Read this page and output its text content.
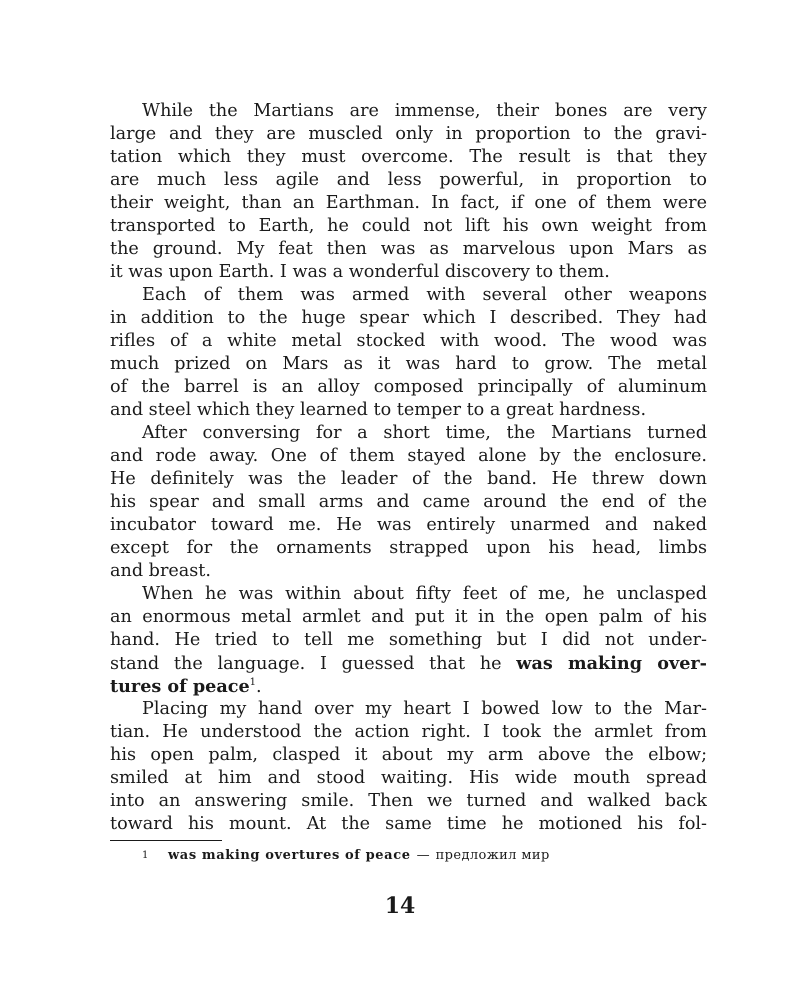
While the Martians are immense, their bones are very
large and they are muscled only in proportion to the gravi-
tation which they must overcome. The result is that they
are much less agile and less powerful, in proportion to
their weight, than an Earthman. In fact, if one of them were
transported to Earth, he could not lift his own weight from
the ground. My feat then was as marvelous upon Mars as
it was upon Earth. I was a wonderful discovery to them.
Each of them was armed with several other weapons
in addition to the huge spear which I described. They had
rifles of a white metal stocked with wood. The wood was
much prized on Mars as it was hard to grow. The metal
of the barrel is an alloy composed principally of aluminum
and steel which they learned to temper to a great hardness.
After conversing for a short time, the Martians turned
and rode away. One of them stayed alone by the enclosure.
He definitely was the leader of the band. He threw down
his spear and small arms and came around the end of the
incubator toward me. He was entirely unarmed and naked
except for the ornaments strapped upon his head, limbs
and breast.
When he was within about fifty feet of me, he unclasped
an enormous metal armlet and put it in the open palm of his
hand. He tried to tell me something but I did not under-
stand the language. I guessed that he was making over-
tures of peace$^1$.
Placing my hand over my heart I bowed low to the Mar-
tian. He understood the action right. I took the armlet from
his open palm, clasped it about my arm above the elbow;
smiled at him and stood waiting. His wide mouth spread
into an answering smile. Then we turned and walked back
toward his mount. At the same time he motioned his fol-
1 was making overtures of peace — предложил мир
14
